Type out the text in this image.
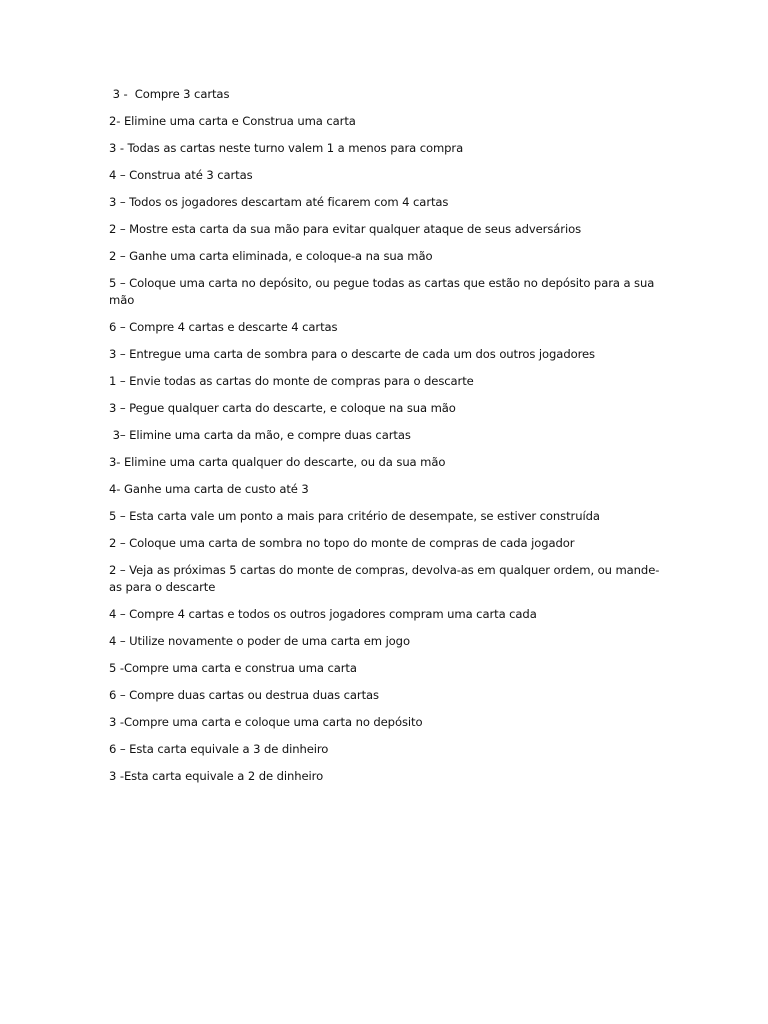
3 -  Compre 3 cartas
2- Elimine uma carta e Construa uma carta
3 - Todas as cartas neste turno valem 1 a menos para compra
4 – Construa até 3 cartas
3 – Todos os jogadores descartam até ficarem com 4 cartas
2 – Mostre esta carta da sua mão para evitar qualquer ataque de seus adversários
2 – Ganhe uma carta eliminada, e coloque-a na sua mão
5 – Coloque uma carta no depósito, ou pegue todas as cartas que estão no depósito para a sua mão
6 – Compre 4 cartas e descarte 4 cartas
3 – Entregue uma carta de sombra para o descarte de cada um dos outros jogadores
1 – Envie todas as cartas do monte de compras para o descarte
3 – Pegue qualquer carta do descarte, e coloque na sua mão
3– Elimine uma carta da mão, e compre duas cartas
3- Elimine uma carta qualquer do descarte, ou da sua mão
4- Ganhe uma carta de custo até 3
5 – Esta carta vale um ponto a mais para critério de desempate, se estiver construída
2 – Coloque uma carta de sombra no topo do monte de compras de cada jogador
2 – Veja as próximas 5 cartas do monte de compras, devolva-as em qualquer ordem, ou mande-as para o descarte
4 – Compre 4 cartas e todos os outros jogadores compram uma carta cada
4 – Utilize novamente o poder de uma carta em jogo
5 -Compre uma carta e construa uma carta
6 – Compre duas cartas ou destrua duas cartas
3 -Compre uma carta e coloque uma carta no depósito
6 – Esta carta equivale a 3 de dinheiro
3 -Esta carta equivale a 2 de dinheiro
